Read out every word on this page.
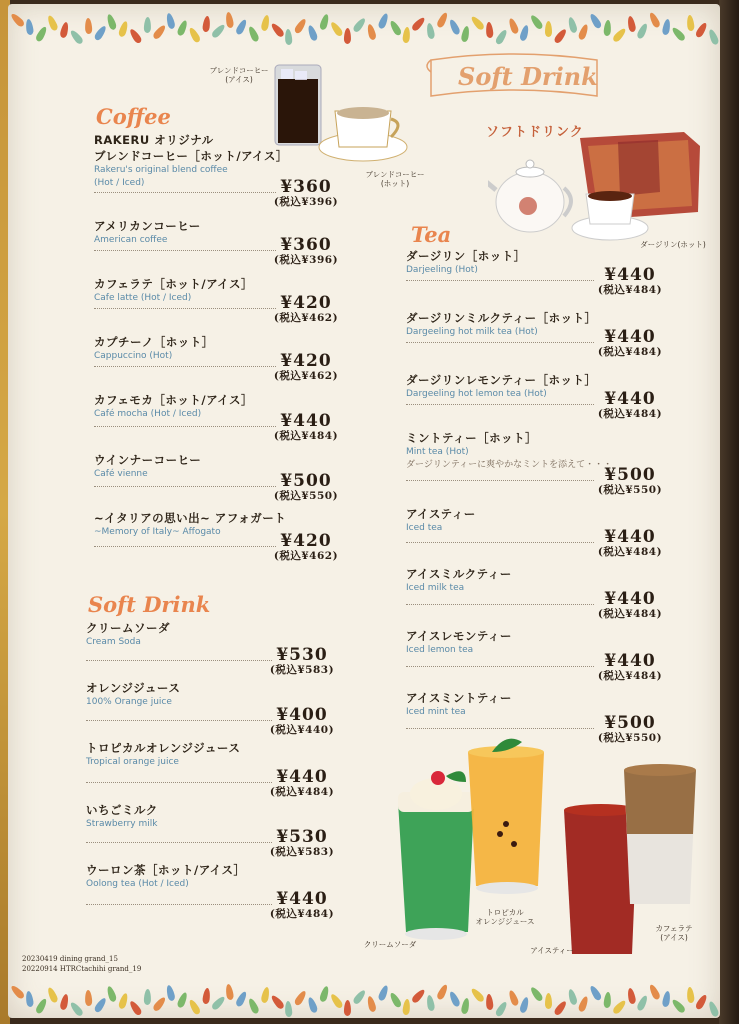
ブレンドコーヒー
(アイス)
ブレンドコーヒー
(ホット)
Soft Drink
ソフトドリンク
ダージリン(ホット)
Coffee
Soft Drink
Tea
RAKERU オリジナル
ブレンドコーヒー［ホット/アイス］
Rakeru's original blend coffee
(Hot / Iced)	¥360
(税込¥396)
アメリカンコーヒー
American coffee	¥360
(税込¥396)
カフェラテ［ホット/アイス］
Cafe latte (Hot / Iced)	¥420
(税込¥462)
カプチーノ［ホット］
Cappuccino (Hot)	¥420
(税込¥462)
カフェモカ［ホット/アイス］
Café mocha (Hot / Iced)	¥440
(税込¥484)
ウインナーコーヒー
Café vienne	¥500
(税込¥550)
~イタリアの思い出~ アフォガート
~Memory of Italy~ Affogato	¥420
(税込¥462)
クリームソーダ
Cream Soda
¥530
(税込¥583)
オレンジジュース
100% Orange juice
¥400
(税込¥440)
トロピカルオレンジジュース
Tropical orange juice
¥440
(税込¥484)
いちごミルク
Strawberry milk
¥530
(税込¥583)
ウーロン茶［ホット/アイス］
Oolong tea (Hot / Iced)
¥440
(税込¥484)
ダージリン［ホット］
Darjeeling (Hot)	¥440
(税込¥484)
ダージリンミルクティー［ホット］
Dargeeling hot milk tea (Hot)	¥440
(税込¥484)
ダージリンレモンティー［ホット］
Dargeeling hot lemon tea (Hot)	¥440
(税込¥484)
ミントティー［ホット］
Mint tea (Hot)
ダージリンティーに爽やかなミントを添えて・・・
¥500
(税込¥550)
アイスティー
Iced tea	¥440
(税込¥484)
アイスミルクティー
Iced milk tea
¥440
(税込¥484)
アイスレモンティー
Iced lemon tea
¥440
(税込¥484)
アイスミントティー
Iced mint tea
¥500
(税込¥550)
クリームソーダ
トロピカル
オレンジジュース
アイスティー
カフェラテ
(アイス)
20230419 dining grand_15
20220914 HTRCtachihi grand_19
